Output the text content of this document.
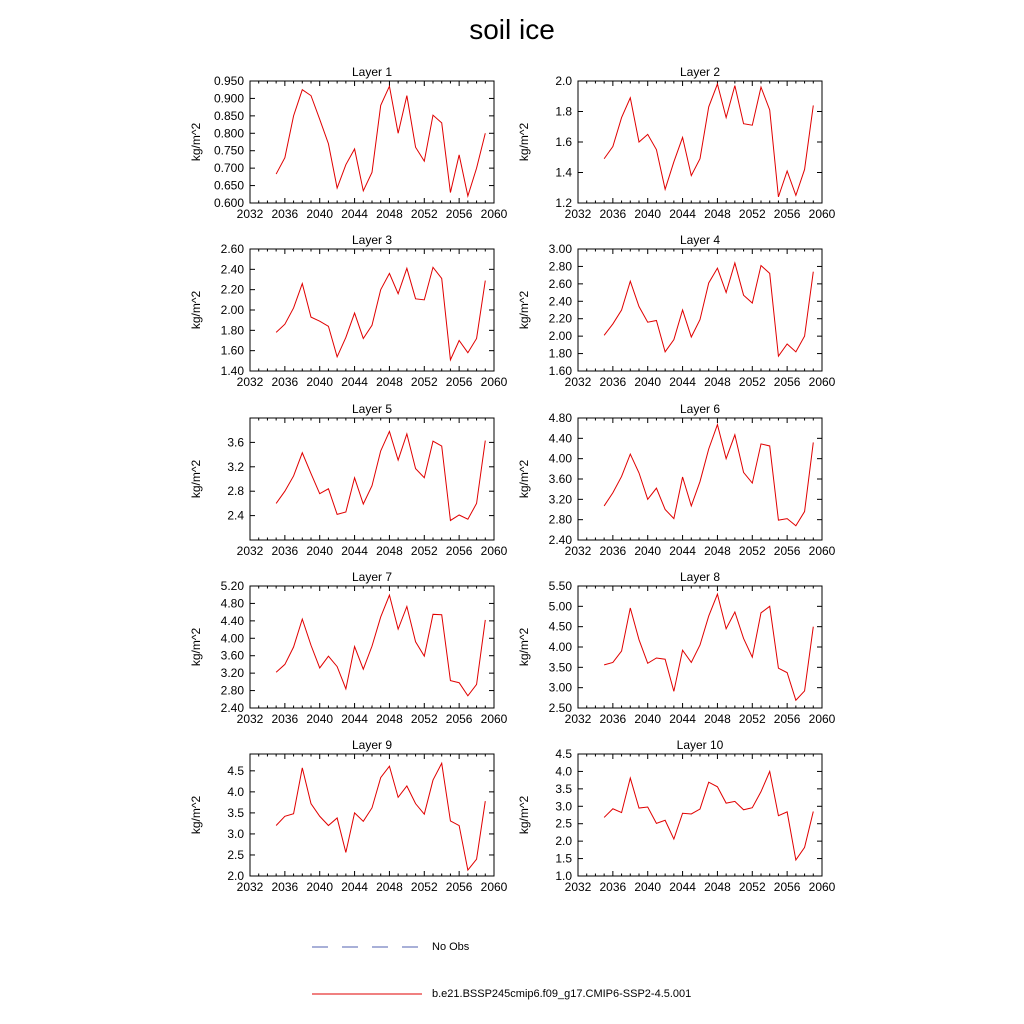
soil ice
Layer 1
kg/m^2
2032 2036 2040 2044 2048 2052 2056 2060
0.600
0.650
0.700
0.750
0.800
0.850
0.900
0.950
Layer 2
kg/m^2
2032 2036 2040 2044 2048 2052 2056 2060
1.2
1.4
1.6
1.8
2.0
Layer 3
kg/m^2
2032 2036 2040 2044 2048 2052 2056 2060
1.40
1.60
1.80
2.00
2.20
2.40
2.60
Layer 4
kg/m^2
2032 2036 2040 2044 2048 2052 2056 2060
1.60
1.80
2.00
2.20
2.40
2.60
2.80
3.00
Layer 5
kg/m^2
2032 2036 2040 2044 2048 2052 2056 2060
2.4
2.8
3.2
3.6
Layer 6
kg/m^2
2032 2036 2040 2044 2048 2052 2056 2060
2.40
2.80
3.20
3.60
4.00
4.40
4.80
Layer 7
kg/m^2
2032 2036 2040 2044 2048 2052 2056 2060
2.40
2.80
3.20
3.60
4.00
4.40
4.80
5.20
Layer 8
kg/m^2
2032 2036 2040 2044 2048 2052 2056 2060
2.50
3.00
3.50
4.00
4.50
5.00
5.50
Layer 9
kg/m^2
2032 2036 2040 2044 2048 2052 2056 2060
2.0
2.5
3.0
3.5
4.0
4.5
Layer 10
kg/m^2
2032 2036 2040 2044 2048 2052 2056 2060
1.0
1.5
2.0
2.5
3.0
3.5
4.0
4.5
No Obs
b.e21.BSSP245cmip6.f09_g17.CMIP6-SSP2-4.5.001
